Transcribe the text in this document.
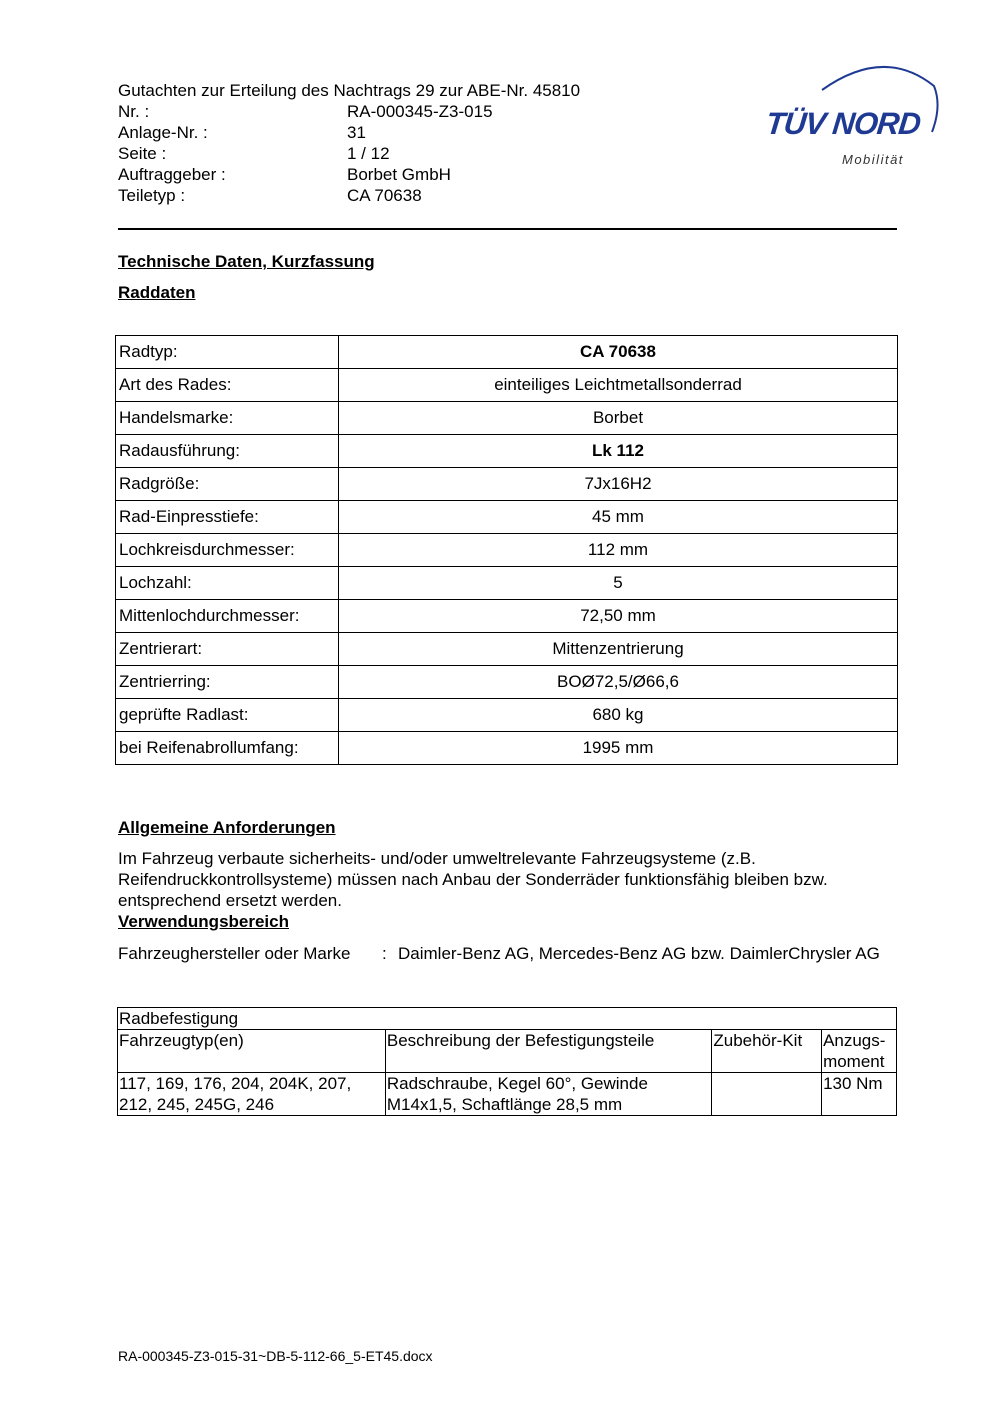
Gutachten zur Erteilung des Nachtrags 29 zur ABE-Nr. 45810
Nr. :	RA-000345-Z3-015
Anlage-Nr. :	31
Seite :	1 / 12
Auftraggeber :	Borbet GmbH
Teiletyp :	CA 70638
TÜV NORD
Mobilität
Technische Daten, Kurzfassung
Raddaten
Radtyp:	CA 70638
Art des Rades:	einteiliges Leichtmetallsonderrad
Handelsmarke:	Borbet
Radausführung:	Lk 112
Radgröße:	7Jx16H2
Rad-Einpresstiefe:	45 mm
Lochkreisdurchmesser:	112 mm
Lochzahl:	5
Mittenlochdurchmesser:	72,50 mm
Zentrierart:	Mittenzentrierung
Zentrierring:	BOØ72,5/Ø66,6
geprüfte Radlast:	680 kg
bei Reifenabrollumfang:	1995 mm
Allgemeine Anforderungen
Im Fahrzeug verbaute sicherheits- und/oder umweltrelevante Fahrzeugsysteme (z.B. Reifendruckkontrollsysteme) müssen nach Anbau der Sonderräder funktionsfähig bleiben bzw. entsprechend ersetzt werden.
Verwendungsbereich
Fahrzeughersteller oder Marke	: Daimler-Benz AG, Mercedes-Benz AG bzw. DaimlerChrysler AG
Radbefestigung			
Fahrzeugtyp(en)	Beschreibung der Befestigungsteile	Zubehör-Kit	Anzugs-moment
117, 169, 176, 204, 204K, 207, 212, 245, 245G, 246	Radschraube, Kegel 60°, Gewinde M14x1,5, Schaftlänge 28,5 mm		130 Nm
RA-000345-Z3-015-31~DB-5-112-66_5-ET45.docx
